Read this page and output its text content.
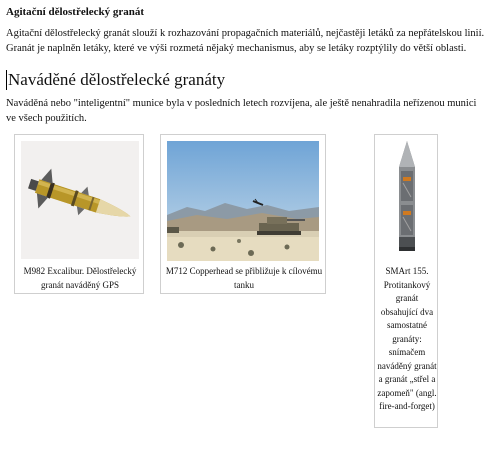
Agitační dělostřelecký granát
Agitační dělostřelecký granát slouží k rozhazování propagačních materiálů, nejčastěji letáků za nepřátelskou linií. Granát je naplněn letáky, které ve výši rozmetá nějaký mechanismus, aby se letáky rozptýlily do větší oblasti.
Naváděné dělostřelecké granáty
Naváděná nebo "inteligentní" munice byla v posledních letech rozvíjena, ale ještě nenahradila neřízenou munici ve všech použitích.
M982 Excalibur. Dělostřelecký granát naváděný GPS
M712 Copperhead se přibližuje k cílovému tanku
SMArt 155. Protitankový granát obsahující dva samostatné granáty: snímačem naváděný granát a granát „střel a zapomeň" (angl. fire-and-forget)
